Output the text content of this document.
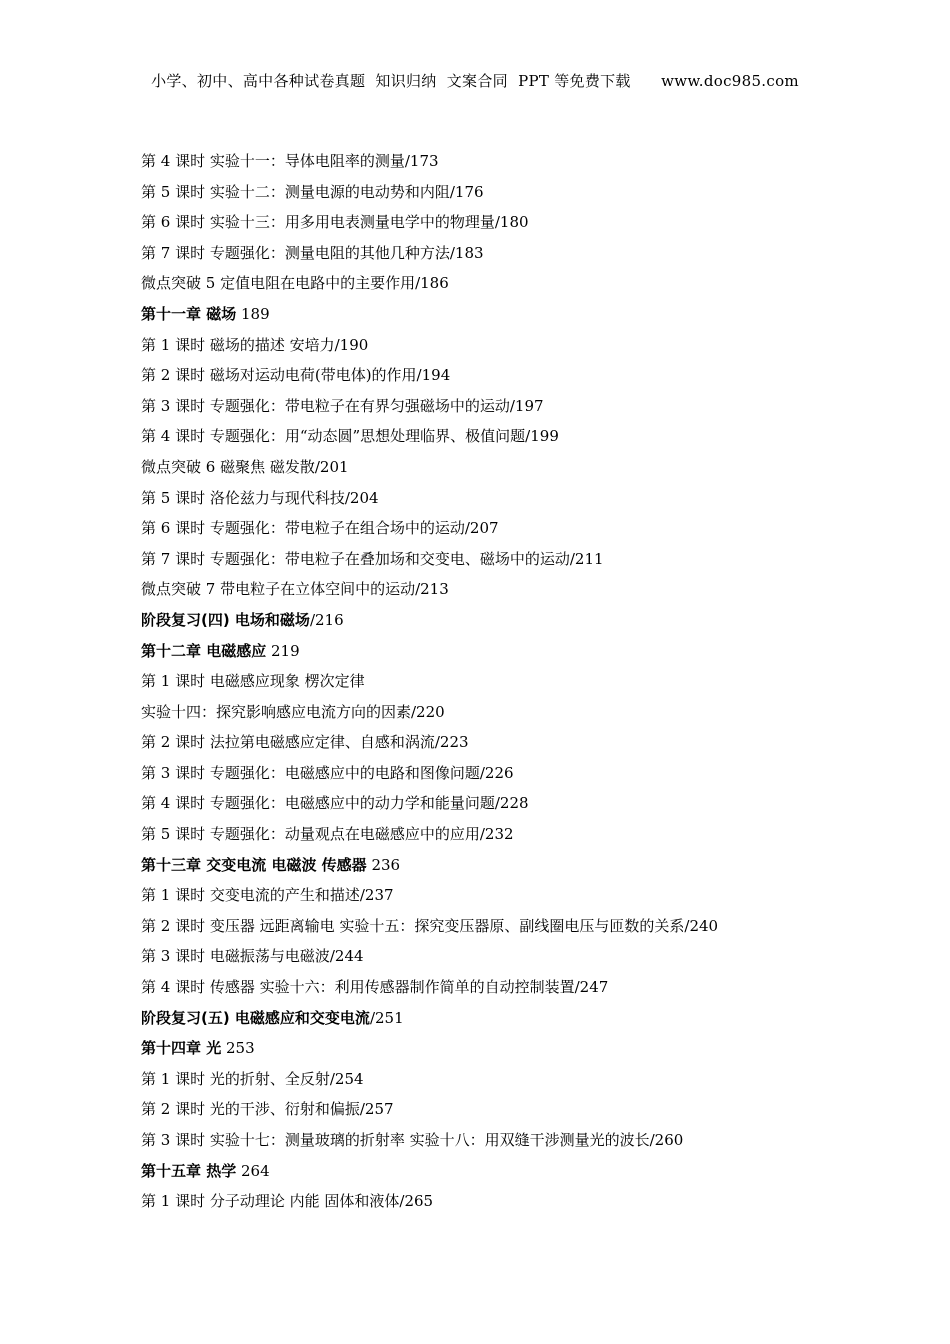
小学、初中、高中各种试卷真题  知识归纳  文案合同  PPT 等免费下载      www.doc985.com
第 4 课时 实验十一：导体电阻率的测量/173
第 5 课时 实验十二：测量电源的电动势和内阻/176
第 6 课时 实验十三：用多用电表测量电学中的物理量/180
第 7 课时 专题强化：测量电阻的其他几种方法/183
微点突破 5 定值电阻在电路中的主要作用/186
第十一章 磁场 189
第 1 课时 磁场的描述 安培力/190
第 2 课时 磁场对运动电荷(带电体)的作用/194
第 3 课时 专题强化：带电粒子在有界匀强磁场中的运动/197
第 4 课时 专题强化：用“动态圆”思想处理临界、极值问题/199
微点突破 6 磁聚焦 磁发散/201
第 5 课时 洛伦兹力与现代科技/204
第 6 课时 专题强化：带电粒子在组合场中的运动/207
第 7 课时 专题强化：带电粒子在叠加场和交变电、磁场中的运动/211
微点突破 7 带电粒子在立体空间中的运动/213
阶段复习(四) 电场和磁场/216
第十二章 电磁感应 219
第 1 课时 电磁感应现象 楞次定律
实验十四：探究影响感应电流方向的因素/220
第 2 课时 法拉第电磁感应定律、自感和涡流/223
第 3 课时 专题强化：电磁感应中的电路和图像问题/226
第 4 课时 专题强化：电磁感应中的动力学和能量问题/228
第 5 课时 专题强化：动量观点在电磁感应中的应用/232
第十三章 交变电流 电磁波 传感器 236
第 1 课时 交变电流的产生和描述/237
第 2 课时 变压器 远距离输电 实验十五：探究变压器原、副线圈电压与匝数的关系/240
第 3 课时 电磁振荡与电磁波/244
第 4 课时 传感器 实验十六：利用传感器制作简单的自动控制装置/247
阶段复习(五) 电磁感应和交变电流/251
第十四章 光 253
第 1 课时 光的折射、全反射/254
第 2 课时 光的干涉、衍射和偏振/257
第 3 课时 实验十七：测量玻璃的折射率 实验十八：用双缝干涉测量光的波长/260
第十五章 热学 264
第 1 课时 分子动理论 内能 固体和液体/265
